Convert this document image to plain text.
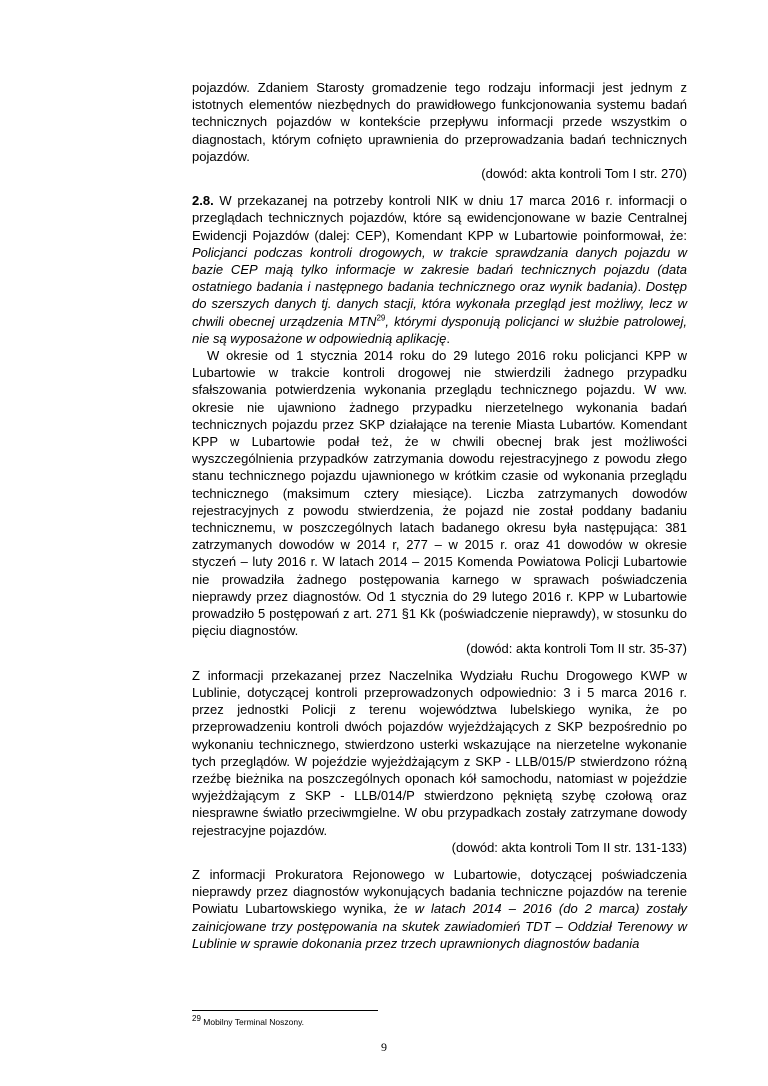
pojazdów. Zdaniem Starosty gromadzenie tego rodzaju informacji jest jednym z istotnych elementów niezbędnych do prawidłowego funkcjonowania systemu badań technicznych pojazdów w kontekście przepływu informacji przede wszystkim o diagnostach, którym cofnięto uprawnienia do przeprowadzania badań technicznych pojazdów.

(dowód: akta kontroli Tom I str. 270)

2.8. W przekazanej na potrzeby kontroli NIK w dniu 17 marca 2016 r. informacji o przeglądach technicznych pojazdów, które są ewidencjonowane w bazie Centralnej Ewidencji Pojazdów (dalej: CEP), Komendant KPP w Lubartowie poinformował, że: Policjanci podczas kontroli drogowych, w trakcie sprawdzania danych pojazdu w bazie CEP mają tylko informacje w zakresie badań technicznych pojazdu (data ostatniego badania i następnego badania technicznego oraz wynik badania). Dostęp do szerszych danych tj. danych stacji, która wykonała przegląd jest możliwy, lecz w chwili obecnej urządzenia MTN$^{29}$, którymi dysponują policjanci w służbie patrolowej, nie są wyposażone w odpowiednią aplikację.

W okresie od 1 stycznia 2014 roku do 29 lutego 2016 roku policjanci KPP w Lubartowie w trakcie kontroli drogowej nie stwierdzili żadnego przypadku sfałszowania potwierdzenia wykonania przeglądu technicznego pojazdu. W ww. okresie nie ujawniono żadnego przypadku nierzetelnego wykonania badań technicznych pojazdu przez SKP działające na terenie Miasta Lubartów. Komendant KPP w Lubartowie podał też, że w chwili obecnej brak jest możliwości wyszczególnienia przypadków zatrzymania dowodu rejestracyjnego z powodu złego stanu technicznego pojazdu ujawnionego w krótkim czasie od wykonania przeglądu technicznego (maksimum cztery miesiące). Liczba zatrzymanych dowodów rejestracyjnych z powodu stwierdzenia, że pojazd nie został poddany badaniu technicznemu, w poszczególnych latach badanego okresu była następująca: 381 zatrzymanych dowodów w 2014 r, 277 – w 2015 r. oraz 41 dowodów w okresie styczeń – luty 2016 r. W latach 2014 – 2015 Komenda Powiatowa Policji Lubartowie nie prowadziła żadnego postępowania karnego w sprawach poświadczenia nieprawdy przez diagnostów. Od 1 stycznia do 29 lutego 2016 r. KPP w Lubartowie prowadziło 5 postępowań z art. 271 §1 Kk (poświadczenie nieprawdy), w stosunku do pięciu diagnostów.

(dowód: akta kontroli Tom II str. 35-37)

Z informacji przekazanej przez Naczelnika Wydziału Ruchu Drogowego KWP w Lublinie, dotyczącej kontroli przeprowadzonych odpowiednio: 3 i 5 marca 2016 r. przez jednostki Policji z terenu województwa lubelskiego wynika, że po przeprowadzeniu kontroli dwóch pojazdów wyjeżdżających z SKP bezpośrednio po wykonaniu technicznego, stwierdzono usterki wskazujące na nierzetelne wykonanie tych przeglądów. W pojeździe wyjeżdżającym z SKP - LLB/015/P stwierdzono różną rzeźbę bieżnika na poszczególnych oponach kół samochodu, natomiast w pojeździe wyjeżdżającym z SKP - LLB/014/P stwierdzono pękniętą szybę czołową oraz niesprawne światło przeciwmgielne. W obu przypadkach zostały zatrzymane dowody rejestracyjne pojazdów.

(dowód: akta kontroli Tom II str. 131-133)

Z informacji Prokuratora Rejonowego w Lubartowie, dotyczącej poświadczenia nieprawdy przez diagnostów wykonujących badania techniczne pojazdów na terenie Powiatu Lubartowskiego wynika, że w latach 2014 – 2016 (do 2 marca) zostały zainicjowane trzy postępowania na skutek zawiadomień TDT – Oddział Terenowy w Lublinie w sprawie dokonania przez trzech uprawnionych diagnostów badania

$^{29}$ Mobilny Terminal Noszony.
9
